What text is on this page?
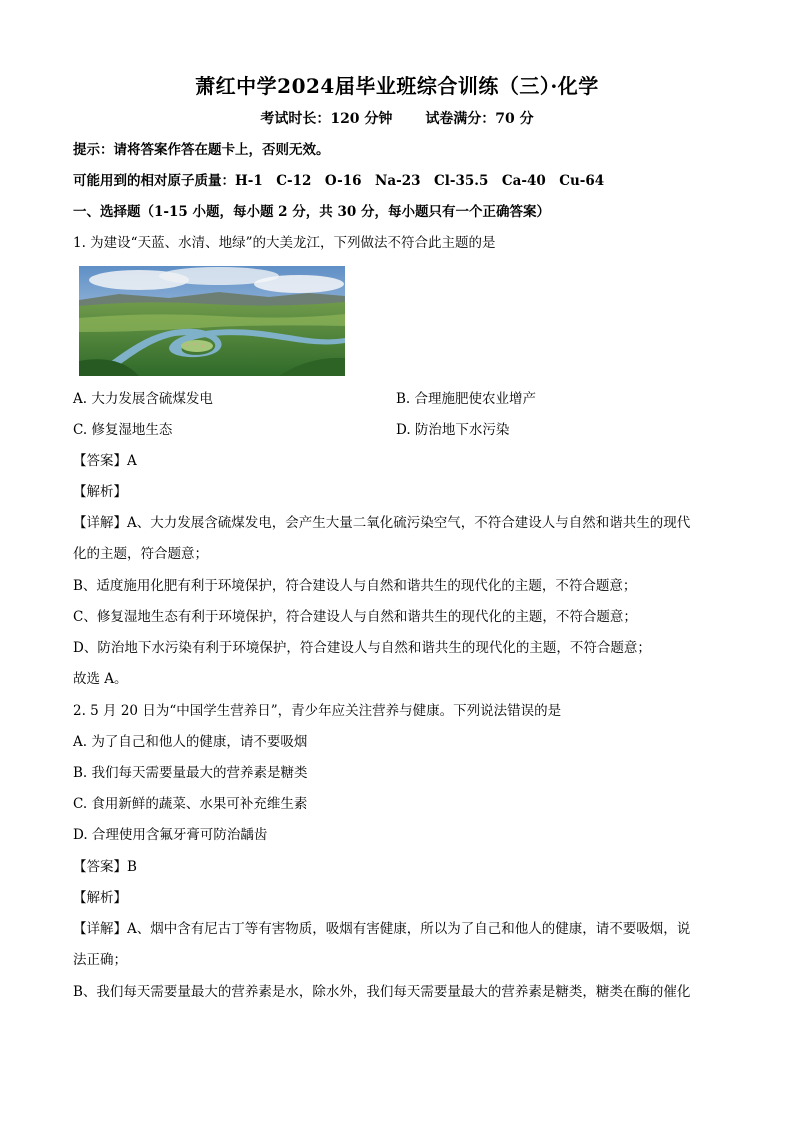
萧红中学2024届毕业班综合训练（三）·化学
考试时长：120 分钟 试卷满分：70 分
提示：请将答案作答在题卡上，否则无效。
可能用到的相对原子质量：H-1　C-12　O-16　Na-23　Cl-35.5　Ca-40　Cu-64
一、选择题（1-15 小题，每小题 2 分，共 30 分，每小题只有一个正确答案）
1. 为建设“天蓝、水清、地绿”的大美龙江，下列做法不符合此主题的是
A. 大力发展含硫煤发电	B. 合理施肥使农业增产
C. 修复湿地生态	D. 防治地下水污染
【答案】A
【解析】
【详解】A、大力发展含硫煤发电，会产生大量二氧化硫污染空气，不符合建设人与自然和谐共生的现代
化的主题，符合题意；
B、适度施用化肥有利于环境保护，符合建设人与自然和谐共生的现代化的主题，不符合题意；
C、修复湿地生态有利于环境保护，符合建设人与自然和谐共生的现代化的主题，不符合题意；
D、防治地下水污染有利于环境保护，符合建设人与自然和谐共生的现代化的主题，不符合题意；
故选 A。
2. 5 月 20 日为“中国学生营养日”，青少年应关注营养与健康。下列说法错误的是
A. 为了自己和他人的健康，请不要吸烟
B. 我们每天需要量最大的营养素是糖类
C. 食用新鲜的蔬菜、水果可补充维生素
D. 合理使用含氟牙膏可防治龋齿
【答案】B
【解析】
【详解】A、烟中含有尼古丁等有害物质，吸烟有害健康，所以为了自己和他人的健康，请不要吸烟，说
法正确；
B、我们每天需要量最大的营养素是水，除水外，我们每天需要量最大的营养素是糖类，糖类在酶的催化
